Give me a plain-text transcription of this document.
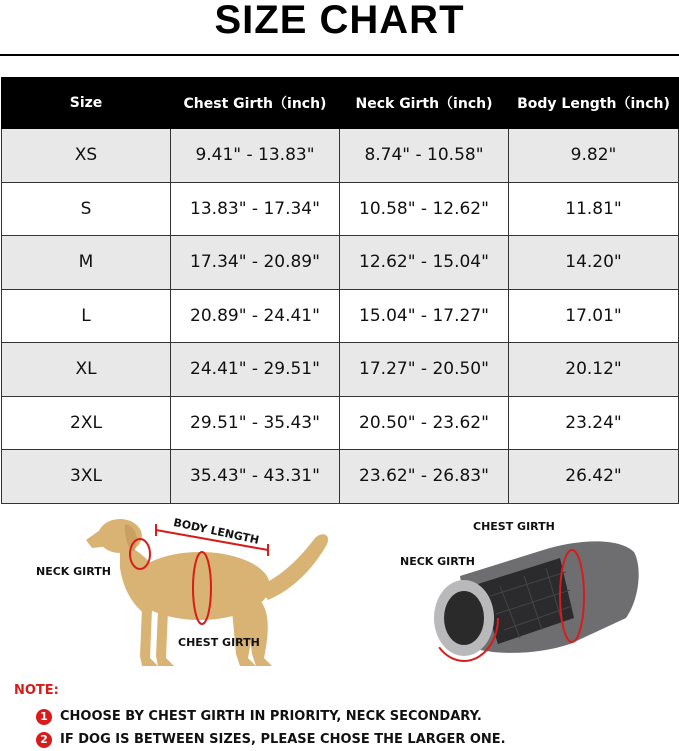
SIZE CHART
Size	Chest Girth（inch)	Neck Girth（inch)	Body Length（inch)
XS	9.41" - 13.83"	8.74" - 10.58"	9.82"
S	13.83" - 17.34"	10.58" - 12.62"	11.81"
M	17.34" - 20.89"	12.62" - 15.04"	14.20"
L	20.89" - 24.41"	15.04" - 17.27"	17.01"
XL	24.41" - 29.51"	17.27" - 20.50"	20.12"
2XL	29.51" - 35.43"	20.50" - 23.62"	23.24"
3XL	35.43" - 43.31"	23.62" - 26.83"	26.42"
BODY LENGTH
NECK GIRTH
CHEST GIRTH
CHEST GIRTH
NECK GIRTH
NOTE:
1 CHOOSE BY CHEST GIRTH IN PRIORITY, NECK SECONDARY.
2 IF DOG IS BETWEEN SIZES, PLEASE CHOSE THE LARGER ONE.
